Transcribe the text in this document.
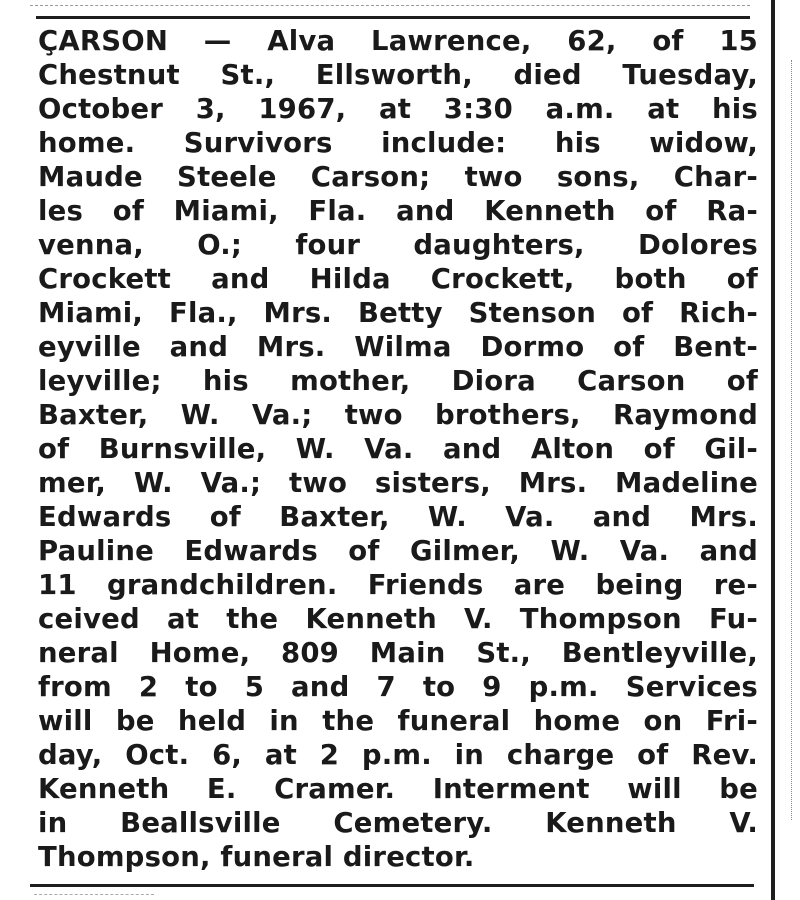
ÇARSON — Alva Lawrence, 62, of 15
Chestnut St., Ellsworth, died Tuesday,
October 3, 1967, at 3:30 a.m. at his
home. Survivors include: his widow,
Maude Steele Carson; two sons, Char-
les of Miami, Fla. and Kenneth of Ra-
venna, O.; four daughters, Dolores
Crockett and Hilda Crockett, both of
Miami, Fla., Mrs. Betty Stenson of Rich-
eyville and Mrs. Wilma Dormo of Bent-
leyville; his mother, Diora Carson of
Baxter, W. Va.; two brothers, Raymond
of Burnsville, W. Va. and Alton of Gil-
mer, W. Va.; two sisters, Mrs. Madeline
Edwards of Baxter, W. Va. and Mrs.
Pauline Edwards of Gilmer, W. Va. and
11 grandchildren. Friends are being re-
ceived at the Kenneth V. Thompson Fu-
neral Home, 809 Main St., Bentleyville,
from 2 to 5 and 7 to 9 p.m. Services
will be held in the funeral home on Fri-
day, Oct. 6, at 2 p.m. in charge of Rev.
Kenneth E. Cramer. Interment will be
in Beallsville Cemetery. Kenneth V.
Thompson, funeral director.
